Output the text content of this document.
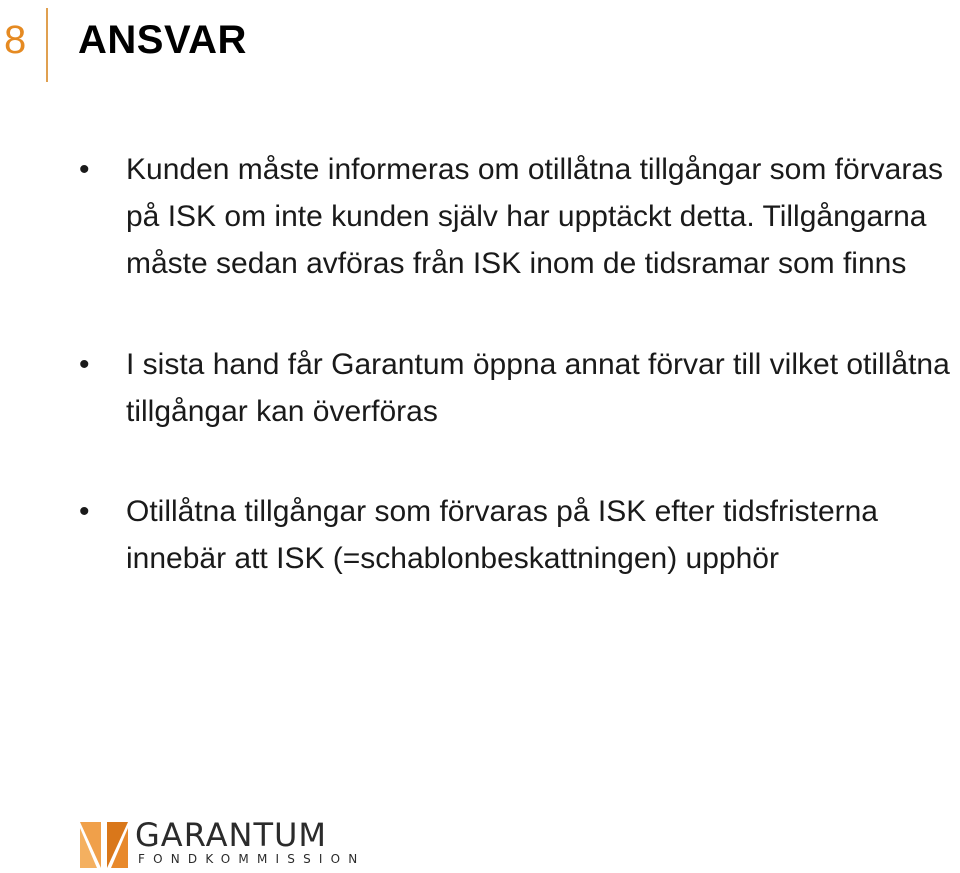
8 ANSVAR
• Kunden måste informeras om otillåtna tillgångar som förvaras på ISK om inte kunden själv har upptäckt detta. Tillgångarna måste sedan avföras från ISK inom de tidsramar som finns
• I sista hand får Garantum öppna annat förvar till vilket otillåtna tillgångar kan överföras
• Otillåtna tillgångar som förvaras på ISK efter tidsfristerna innebär att ISK (=schablonbeskattningen) upphör
GARANTUM
FONDKOMMISSION
